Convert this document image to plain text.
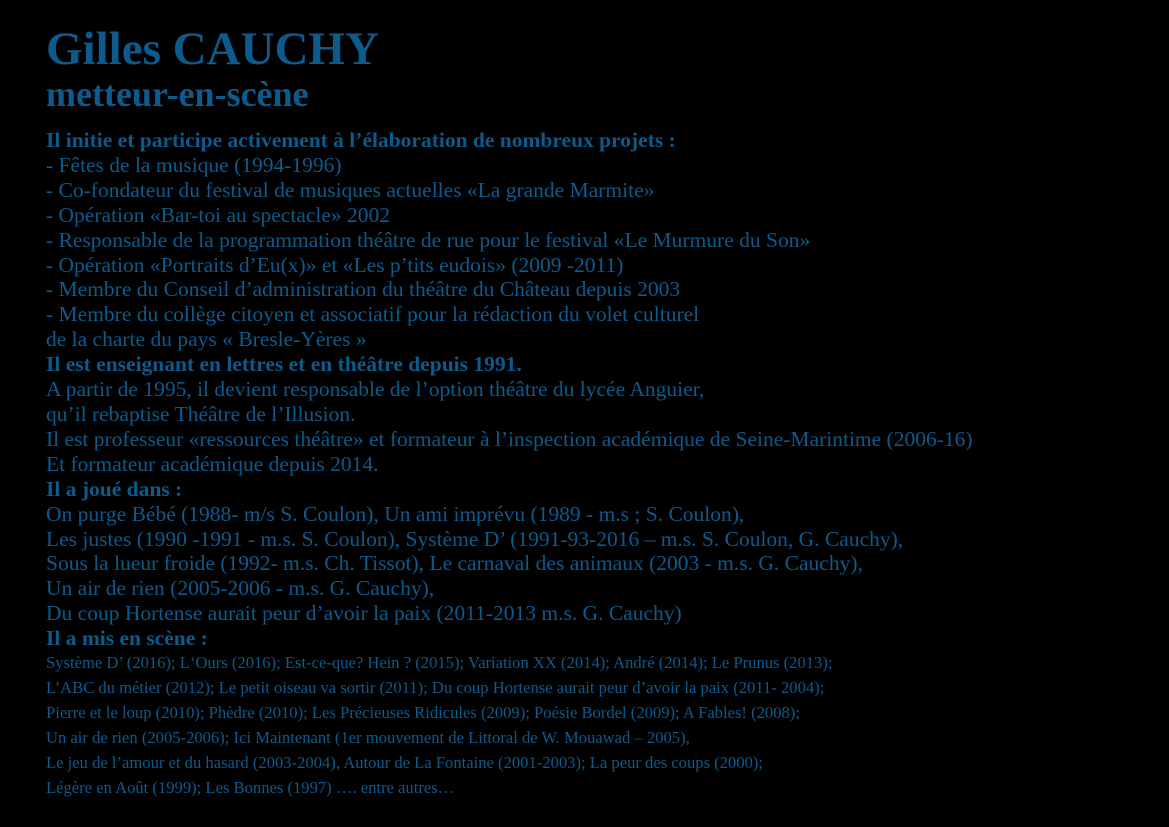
Gilles CAUCHY
metteur-en-scène
Il initie et participe activement à l’élaboration de nombreux projets :
- Fêtes de la musique (1994-1996)
- Co-fondateur du festival de musiques actuelles «La grande Marmite»
- Opération «Bar-toi au spectacle» 2002
- Responsable de la programmation théâtre de rue pour le festival «Le Murmure du Son»
- Opération «Portraits d’Eu(x)» et «Les p’tits eudois» (2009 -2011)
- Membre du Conseil d’administration du théâtre du Château depuis 2003
- Membre du collège citoyen et associatif pour la rédaction du volet culturel
de la charte du pays « Bresle-Yères »
Il est enseignant en lettres et en théâtre depuis 1991.
A partir de 1995, il devient responsable de l’option théâtre du lycée Anguier,
qu’il rebaptise Théâtre de l’Illusion.
Il est professeur «ressources théâtre» et formateur à l’inspection académique de Seine-Marintime (2006-16)
Et formateur académique depuis 2014.
Il a joué dans :
On purge Bébé (1988- m/s S. Coulon), Un ami imprévu (1989 - m.s ; S. Coulon),
Les justes (1990 -1991 - m.s. S. Coulon), Système D’ (1991-93-2016 – m.s. S. Coulon, G. Cauchy),
Sous la lueur froide (1992- m.s. Ch. Tissot), Le carnaval des animaux (2003 - m.s. G. Cauchy),
Un air de rien (2005-2006 - m.s. G. Cauchy),
Du coup Hortense aurait peur d’avoir la paix (2011-2013 m.s. G. Cauchy)
Il a mis en scène :
Système D’ (2016); L‘Ours (2016); Est-ce-que? Hein ? (2015); Variation XX (2014); André (2014); Le Prunus (2013);
L’ABC du métier (2012); Le petit oiseau va sortir (2011); Du coup Hortense aurait peur d’avoir la paix (2011- 2004);
Pierre et le loup (2010); Phèdre (2010); Les Précieuses Ridicules (2009); Poésie Bordel (2009); A Fables! (2008);
Un air de rien (2005-2006); Ici Maintenant (1er mouvement de Littoral de W. Mouawad – 2005),
Le jeu de l’amour et du hasard (2003-2004), Autour de La Fontaine (2001-2003); La peur des coups (2000);
Légère en Août (1999); Les Bonnes (1997) …. entre autres…
